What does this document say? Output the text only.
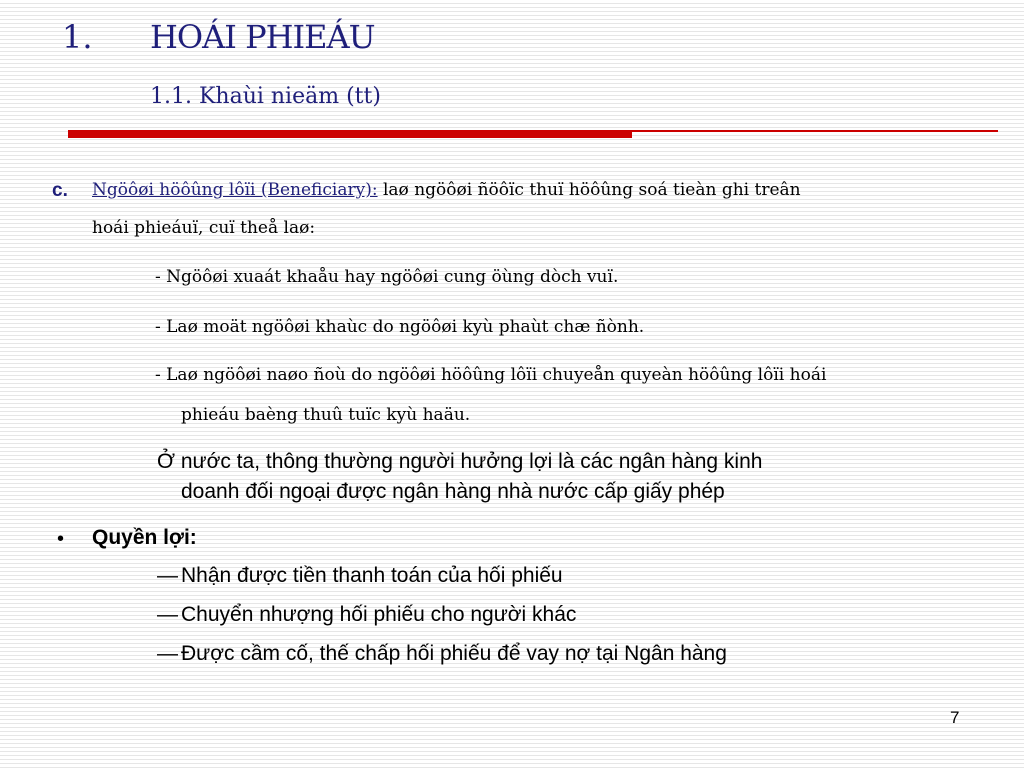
1. HOÁI PHIEÁU
1.1. Khaùi nieäm (tt)
c. Ngöôøi höôûng lôïi (Beneficiary): laø ngöôøi ñöôïc thuï höôûng soá tieàn ghi treân
hoái phieáuï, cuï theå laø:
- Ngöôøi xuaát khaåu hay ngöôøi cung öùng dòch vuï.
- Laø moät ngöôøi khaùc do ngöôøi kyù phaùt chæ ñònh.
- Laø ngöôøi naøo ñoù do ngöôøi höôûng lôïi chuyeån quyeàn höôûng lôïi hoái
phieáu baèng thuû tuïc kyù haäu.
Ở nước ta, thông thường người hưởng lợi là các ngân hàng kinh
doanh đối ngoại được ngân hàng nhà nước cấp giấy phép
• Quyền lợi:
— Nhận được tiền thanh toán của hối phiếu
— Chuyển nhượng hối phiếu cho người khác
— Được cầm cố, thế chấp hối phiếu để vay nợ tại Ngân hàng
7
